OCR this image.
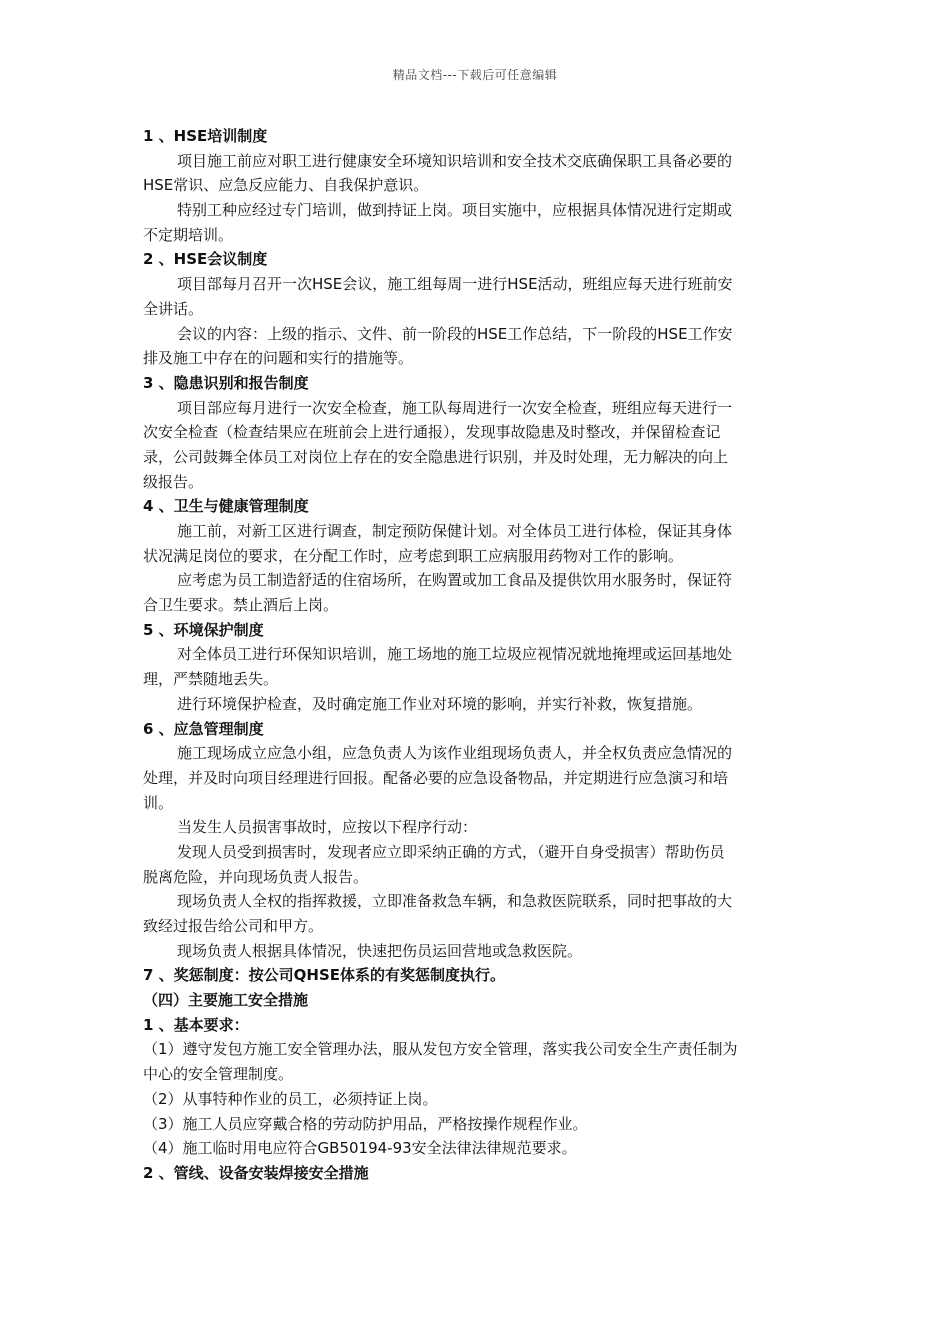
精品文档---下载后可任意编辑
1 、HSE培训制度
项目施工前应对职工进行健康安全环境知识培训和安全技术交底确保职工具备必要的
HSE常识、应急反应能力、自我保护意识。
特别工种应经过专门培训，做到持证上岗。项目实施中，应根据具体情况进行定期或
不定期培训。
2 、HSE会议制度
项目部每月召开一次HSE会议，施工组每周一进行HSE活动，班组应每天进行班前安
全讲话。
会议的内容：上级的指示、文件、前一阶段的HSE工作总结，下一阶段的HSE工作安
排及施工中存在的问题和实行的措施等。
3 、隐患识别和报告制度
项目部应每月进行一次安全检查，施工队每周进行一次安全检查，班组应每天进行一
次安全检查（检查结果应在班前会上进行通报），发现事故隐患及时整改，并保留检查记
录，公司鼓舞全体员工对岗位上存在的安全隐患进行识别，并及时处理，无力解决的向上
级报告。
4 、卫生与健康管理制度
施工前，对新工区进行调查，制定预防保健计划。对全体员工进行体检，保证其身体
状况满足岗位的要求，在分配工作时，应考虑到职工应病服用药物对工作的影响。
应考虑为员工制造舒适的住宿场所，在购置或加工食品及提供饮用水服务时，保证符
合卫生要求。禁止酒后上岗。
5 、环境保护制度
对全体员工进行环保知识培训，施工场地的施工垃圾应视情况就地掩埋或运回基地处
理，严禁随地丢失。
进行环境保护检查，及时确定施工作业对环境的影响，并实行补救，恢复措施。
6 、应急管理制度
施工现场成立应急小组，应急负责人为该作业组现场负责人，并全权负责应急情况的
处理，并及时向项目经理进行回报。配备必要的应急设备物品，并定期进行应急演习和培
训。
当发生人员损害事故时，应按以下程序行动：
发现人员受到损害时，发现者应立即采纳正确的方式，（避开自身受损害）帮助伤员
脱离危险，并向现场负责人报告。
现场负责人全权的指挥救援，立即准备救急车辆，和急救医院联系，同时把事故的大
致经过报告给公司和甲方。
现场负责人根据具体情况，快速把伤员运回营地或急救医院。
7 、奖惩制度：按公司QHSE体系的有奖惩制度执行。
（四）主要施工安全措施
1 、基本要求：
（1）遵守发包方施工安全管理办法，服从发包方安全管理，落实我公司安全生产责任制为
中心的安全管理制度。
（2）从事特种作业的员工，必须持证上岗。
（3）施工人员应穿戴合格的劳动防护用品，严格按操作规程作业。
（4）施工临时用电应符合GB50194-93安全法律法律规范要求。
2 、管线、设备安装焊接安全措施
